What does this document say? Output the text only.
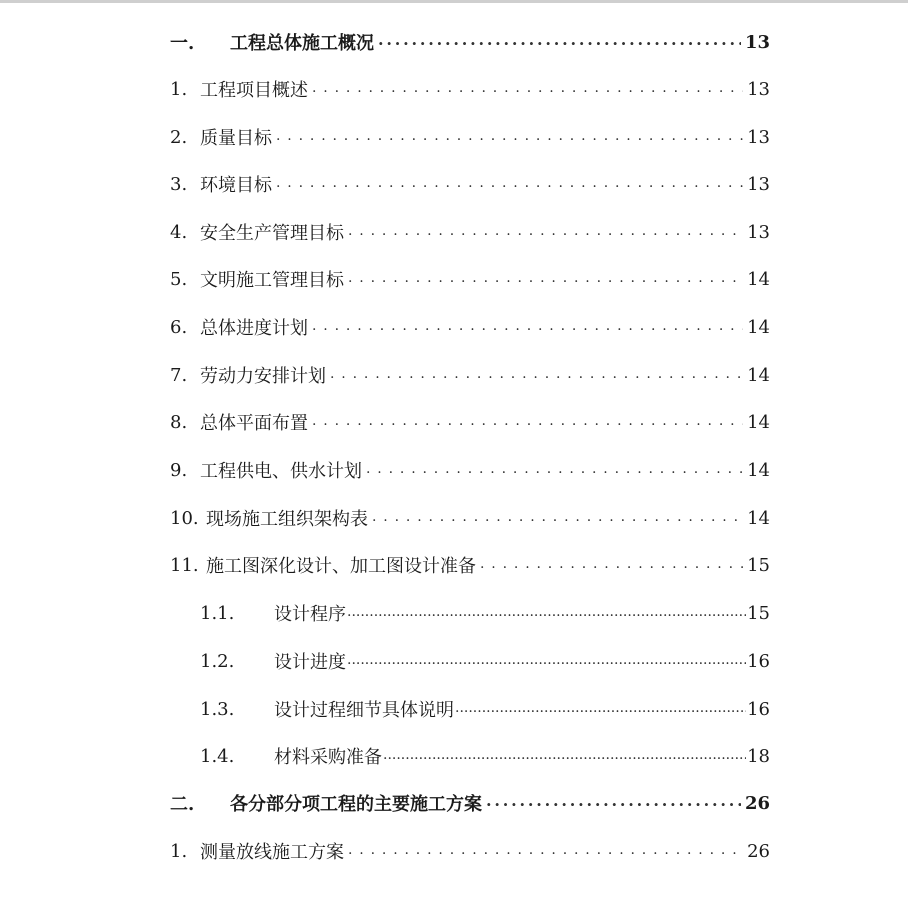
一.	工程总体施工概况 .....	13
1. 工程项目概述 . . .	13
2. 质量目标 . . .	13
3. 环境目标 . . .	13
4. 安全生产管理目标 . . .	13
5. 文明施工管理目标 . . .	14
6. 总体进度计划 . . .	14
7. 劳动力安排计划 . . .	14
8. 总体平面布置 . . .	14
9. 工程供电、供水计划 . . .	14
10. 现场施工组织架构表 . . .	14
11. 施工图深化设计、加工图设计准备 . . .	15
1.1.	设计程序 .....	15
1.2.	设计进度 .....	16
1.3.	设计过程细节具体说明 .....	16
1.4.	材料采购准备 .....	18
二.	各分部分项工程的主要施工方案 .....	26
1. 测量放线施工方案 . . .	26
